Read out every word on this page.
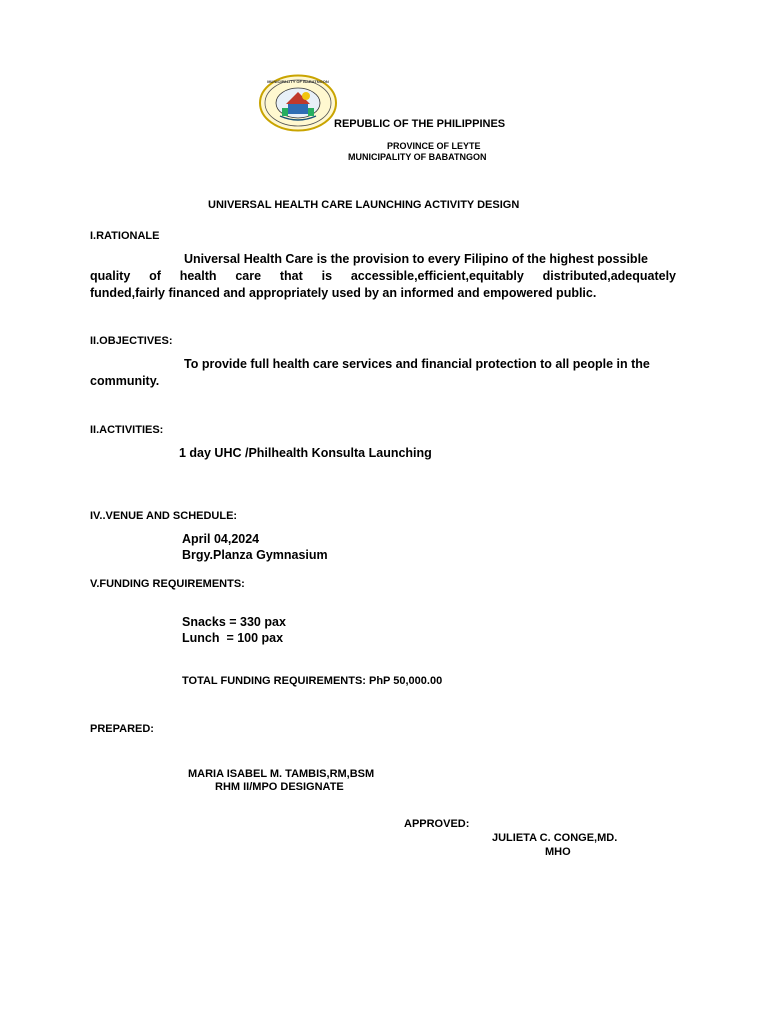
MUNICIPALITY OF BABATNGON
REPUBLIC OF THE PHILIPPINES
PROVINCE OF LEYTE
MUNICIPALITY OF BABATNGON
UNIVERSAL HEALTH CARE LAUNCHING ACTIVITY DESIGN
I.RATIONALE
Universal Health Care is the provision to every Filipino of the highest possible
quality of health care that is accessible,efficient,equitably distributed,adequately
funded,fairly financed and appropriately used by an informed and empowered public.
II.OBJECTIVES:
To provide full health care services and financial protection to all people in the
community.
II.ACTIVITIES:
1 day UHC /Philhealth Konsulta Launching
IV..VENUE AND SCHEDULE:
April 04,2024
Brgy.Planza Gymnasium
V.FUNDING REQUIREMENTS:
Snacks = 330 pax
Lunch  = 100 pax
TOTAL FUNDING REQUIREMENTS: PhP 50,000.00
PREPARED:
MARIA ISABEL M. TAMBIS,RM,BSM
RHM II/MPO DESIGNATE
APPROVED:
JULIETA C. CONGE,MD.
MHO
